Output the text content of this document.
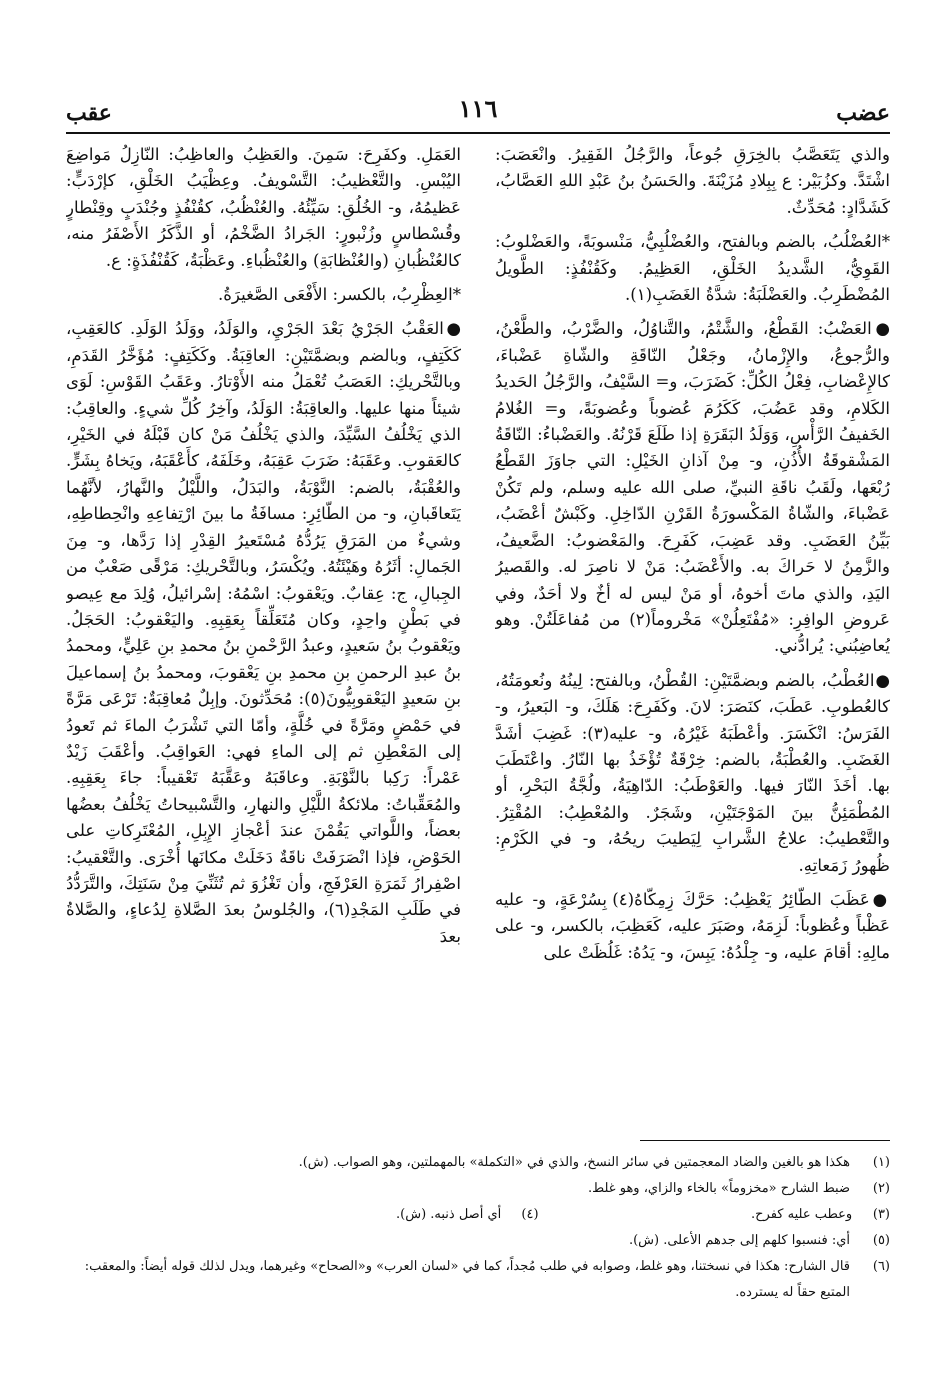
عضب
١١٦
عقب

والذي يَتَعَصَّبُ بالخِرَقِ جُوعاً، والرَّجُلُ الفَقِيرُ. وانْعَصَبَ: اشْتَدَّ. وكزُبَيْر: ع بِبِلادِ مُزَيْنَةَ. والحَسَنُ بنُ عَبْدِ اللهِ العَصَّابُ، كَشَدَّادٍ: مُحَدِّثٌ.

*العُضْلُبُ، بالضم وبالفتح، والعُضْلُبِيُّ، مَنْسوبَةً، والعَضْلوبُ: القَوِيُّ، الشَّديدُ الخَلْقِ، العَظِيمُ. وكَقُنْفُذٍ: الطَّويلُ المُضْطَرِبُ. والعَضْلَبَةُ: شدَّةُ الغَضَبِ(١).

●العَضْبُ: القَطْعُ، والشَّتْمُ، والتَّناوُلُ، والضَّرْبُ، والطَّعْنُ، والرُّجوعُ، والإِزْمانُ، وجَعْلُ النّاقَةِ والشّاةِ عَضْباءَ، كالإِعْضابِ، فِعْلُ الكُلِّ: كَضَرَبَ، و= السَّيْفُ، والرَّجُلُ الحَديدُ الكَلامِ، وقد عَضُبَ، كَكَرُمَ عُضوباً وعُضوبَةً، و= الغُلامُ الخَفيفُ الرَّأْسِ، وَوَلَدُ البَقَرَةِ إذا طَلَعَ قَرْنُهُ. والعَضْباءُ: النّاقَةُ المَشْقوقَةُ الأُذُنِ، و- مِنْ آذانِ الخَيْلِ: التي جاوَزَ القَطْعُ رُبْعَها، ولَقَبُ ناقَةِ النبيِّ، صلى الله عليه وسلم، ولم تَكُنْ عَضْباءَ، والشّاةُ المَكْسورَةُ القَرْنِ الدّاخِلِ. وكَبْشٌ أعْضَبُ، بَيِّنُ العَضَبِ. وقد عَضِبَ، كَفَرِحَ. والمَعْضوبُ: الضَّعيفُ، والزَّمِنُ لا حَراكَ به. والأَعْضَبُ: مَنْ لا ناصِرَ له. والقَصيرُ اليَدِ، والذي ماتَ أخوهُ، أو مَنْ ليس له أخٌ ولا أحَدٌ، وفي عَروضِ الوافِرِ: «مُفْتَعِلُنْ» مَخْروماً(٢) من مُفاعَلَتُنْ. وهو يُعاضِبُني: يُرادُّني.

●العُطْبُ، بالضم وبضمَّتَيْنِ: القُطْنُ، وبالفتح: لِينُهُ ونُعومَتُهُ، كالعُطوبِ. عَطَبَ، كنَصَرَ: لانَ. وكَفَرِحَ: هَلَكَ، و- البَعيرُ، و- الفَرَسُ: انْكَسَرَ. وأعْطَبَهُ غَيْرُهُ، و- عليه(٣): غَضِبَ أشَدَّ الغَضَبِ. والعُطْبَةُ، بالضم: خِرْقَةٌ تُؤْخَذُ بها النّارُ. واعْتَطَبَ بها. أخَذَ النّارَ فيها. والعَوْطَبُ: الدّاهِيَةُ، ولُجَّةُ البَحْرِ، أو المُطْمَئِنُّ بينَ المَوْجَتَيْنِ، وشَجَرٌ. والمُعْطِبُ: المُقْتِرُ. والتَّعْطيبُ: علاجُ الشَّرابِ لِيَطيبَ ريحُهُ، و- في الكَرْمِ: ظُهورُ زَمَعاتِهِ.

●عَظَبَ الطّائِرُ يَعْظِبُ: حَرَّكَ زِمِكّاهُ(٤) بِسُرْعَةٍ، و- عليه عَظْباً وعُظوباً: لَزِمَهُ، وصَبَرَ عليه، كَعَظِبَ، بالكسر، و- على مالِهِ: أقامَ عليه، و- جِلْدُهُ: يَبِسَ، و- يَدُهُ: غَلُظَتْ على

العَمَلِ. وكفَرِحَ: سَمِنَ. والعَظِبُ والعاظِبُ: النّازِلُ مَواضِعَ اليُبْسِ. والتَّعْظيبُ: التَّسْويفُ. وعِظْيَبُ الخَلْقِ، كإرْدَبٍّ: عَظيمُهُ، و- الخُلُقِ: سَيِّئُهُ. والعُنْظُبُ، كقُنْفُذٍ وجُنْدَبٍ وقِنْطارٍ وقُسْطاسٍ وزُنْبورٍ: الجَرادُ الضَّخْمُ، أو الذَّكَرُ الأَصْفَرُ منه، كالعُنْظُبانِ (والعُنْظابَةِ) والعُنْظُباءِ. وعَظْبَةُ، كَقُنْفُذَةٍ: ع.

*العِظْرِبُ، بالكسر: الأَفْعَى الصَّغيرَةُ.

●العَقْبُ الجَرْيُ بَعْدَ الجَرْيِ، والوَلَدُ، ووَلَدُ الوَلَدِ. كالعَقِبِ، كَكَتِفٍ، وبالضم وبضمَّتَيْنِ: العاقِبَةُ. وكَكَتِفٍ: مُؤَخَّرُ القَدَمِ، وبالتَّحْريكِ: العَصَبُ تُعْمَلُ منه الأَوْتارُ. وعَقَبُ القَوْسِ: لَوَى شيئاً منها عليها. والعاقِبَةُ: الوَلَدُ، وآخِرُ كُلِّ شيءٍ. والعاقِبُ: الذي يَخْلُفُ السَّيِّدَ، والذي يَخْلُفُ مَنْ كان قَبْلَهُ في الخَيْرِ، كالعَقوبِ. وعَقَبَهُ: ضَرَبَ عَقِبَهُ، وخَلَفَهُ، كأَعْقَبَهُ، ويَخاهُ بِشَرٍّ. والعُقْبَةُ، بالضم: النَّوْبَةُ، والبَدَلُ، واللَّيْلُ والنَّهارُ، لأنَّهُما يَتَعاقَبانِ، و- من الطّائِرِ: مسافَةُ ما بينَ ارْتِفاعِهِ وانْحِطاطِهِ، وشيءٌ من المَرَقِ يَرُدُّهُ مُسْتَعيرُ القِدْرِ إذا رَدَّها، و- مِنَ الجَمالِ: أثَرُهُ وهَيْئَتُهُ. ويُكْسَرُ، وبالتَّحْريكِ: مَرْقًى صَعْبٌ من الجِبالِ، ج: عِقابٌ. ويَعْقوبُ: اسْمُهُ: إسْرائيلُ، وُلِدَ مع عِيصو في بَطْنٍ واحِدٍ، وكان مُتَعَلِّقاً بِعَقِبِهِ. واليَعْقوبُ: الحَجَلُ. ويَعْقوبُ بنُ سَعيدٍ، وعبدُ الرَّحْمنِ بنُ محمدِ بنِ عَلِيٍّ، ومحمدُ بنُ عبدِ الرحمنِ بنِ محمدِ بنِ يَعْقوبَ، ومحمدُ بنُ إسماعيلَ بنِ سَعيدٍ اليَعْقوبِيُّونَ(٥): مُحَدِّثونَ. وإبِلٌ مُعاقِبَةٌ: تَرْعَى مَرَّةً في حَمْضٍ ومَرَّةً في خُلَّةٍ، وأمّا التي تَشْرَبُ الماءَ ثم تَعودُ إلى المَعْطِنِ ثم إلى الماءِ فهي: العَواقِبُ. وأعْقَبَ زَيْدٌ عَمْراً: رَكِبا بالنَّوْبَةِ. وعاقَبَهُ وعَقَّبَهُ تَعْقيباً: جاءَ بِعَقِبِهِ. والمُعَقِّباتُ: ملائكةُ اللَّيْلِ والنهارِ، والتَّسْبيحاتُ يَخْلُفُ بعضُها بعضاً، واللَّواتي يَقُمْنَ عندَ أعْجازِ الإِبِلِ، المُعْتَرِكاتِ على الحَوْضِ، فإذا انْصَرَفَتْ ناقَةٌ دَخَلَتْ مكانَها أُخْرَى. والتَّعْقيبُ: اصْفِرارُ ثَمَرَةِ العَرْفَجِ، وأن تَغْزُوَ ثم تُثَنِّيَ مِنْ سَنَتِكَ، والتَّرَدُّدُ في طَلَبِ المَجْدِ(٦)، والجُلوسُ بعدَ الصَّلاةِ لِدُعاءٍ، والصَّلاةُ بعدَ

(١)
هكذا هو بالغين والضاد المعجمتين في سائر النسخ، والذي في «التكملة» بالمهملتين، وهو الصواب. (ش).
(٢)
ضبط الشارح «مخزوماً» بالخاء والزاي، وهو غلط.
(٣)     وعطب عليه كفرح.
(٤) أي أصل ذنبه. (ش).
(٥)
أي: فنسبوا كلهم إلى جدهم الأعلى. (ش).
(٦)
قال الشارح: هكذا في نسختنا، وهو غلط، وصوابه في طلب مُجداً، كما في «لسان العرب» و«الصحاح» وغيرهما، ويدل لذلك قوله أيضاً: والمعقب: المتبع حقاً له يسترده.
